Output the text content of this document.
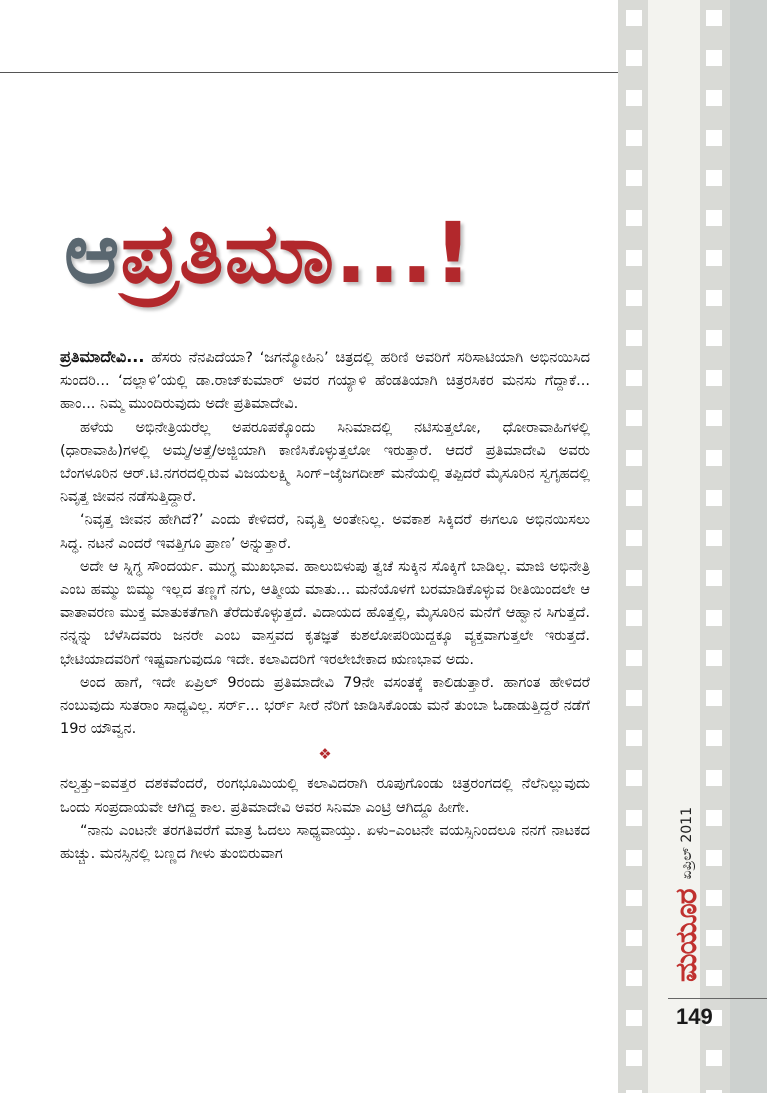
ಆಪ್ರತಿಮಾ...!

ಪ್ರತಿಮಾದೇವಿ... ಹೆಸರು ನೆನಪಿದೆಯಾ? ‘ಜಗನ್ಮೋಹಿನಿ’ ಚಿತ್ರದಲ್ಲಿ ಹರಿಣಿ ಅವರಿಗೆ ಸರಿಸಾಟಿಯಾಗಿ ಅಭಿನಯಿಸಿದ ಸುಂದರಿ... ‘ದಲ್ಲಾಳಿ’ಯಲ್ಲಿ ಡಾ.ರಾಜ್‌ಕುಮಾರ್ ಅವರ ಗಯ್ಯಾಳಿ ಹೆಂಡತಿಯಾಗಿ ಚಿತ್ರರಸಿಕರ ಮನಸು ಗೆದ್ದಾಕೆ... ಹಾಂ... ನಿಮ್ಮ ಮುಂದಿರುವುದು ಅದೇ ಪ್ರತಿಮಾದೇವಿ.

ಹಳೆಯ ಅಭಿನೇತ್ರಿಯರೆಲ್ಲ ಅಪರೂಪಕ್ಕೊಂದು ಸಿನಿಮಾದಲ್ಲಿ ನಟಿಸುತ್ತಲೋ, ಧೋರಾವಾಹಿಗಳಲ್ಲಿ (ಧಾರಾವಾಹಿ)ಗಳಲ್ಲಿ ಅಮ್ಮ/ಅತ್ತೆ/ಅಜ್ಜಿಯಾಗಿ ಕಾಣಿಸಿಕೊಳ್ಳುತ್ತಲೋ ಇರುತ್ತಾರೆ. ಆದರೆ ಪ್ರತಿಮಾದೇವಿ ಅವರು ಬೆಂಗಳೂರಿನ ಆರ್.ಟಿ.ನಗರದಲ್ಲಿರುವ ವಿಜಯಲಕ್ಷ್ಮಿ ಸಿಂಗ್–ಜೈಜಗದೀಶ್ ಮನೆಯಲ್ಲಿ ತಪ್ಪಿದರೆ ಮೈಸೂರಿನ ಸ್ವಗೃಹದಲ್ಲಿ ನಿವೃತ್ತ ಜೀವನ ನಡೆಸುತ್ತಿದ್ದಾರೆ.

‘ನಿವೃತ್ತ ಜೀವನ ಹೇಗಿದೆ?’ ಎಂದು ಕೇಳಿದರೆ, ನಿವೃತ್ತಿ ಅಂತೇನಿಲ್ಲ. ಅವಕಾಶ ಸಿಕ್ಕಿದರೆ ಈಗಲೂ ಅಭಿನಯಿಸಲು ಸಿದ್ಧ. ನಟನೆ ಎಂದರೆ ಇವತ್ತಿಗೂ ಪ್ರಾಣ’ ಅನ್ನುತ್ತಾರೆ.

ಅದೇ ಆ ಸ್ನಿಗ್ಧ ಸೌಂದರ್ಯ. ಮುಗ್ಧ ಮುಖಭಾವ. ಹಾಲುಬಿಳುಪು ತ್ವಚೆ ಸುಕ್ಕಿನ ಸೊಕ್ಕಿಗೆ ಬಾಡಿಲ್ಲ. ಮಾಜಿ ಅಭಿನೇತ್ರಿ ಎಂಬ ಹಮ್ಮು ಬಿಮ್ಮು ಇಲ್ಲದ ತಣ್ಣಗೆ ನಗು, ಆತ್ಮೀಯ ಮಾತು... ಮನೆಯೊಳಗೆ ಬರಮಾಡಿಕೊಳ್ಳುವ ರೀತಿಯಿಂದಲೇ ಆ ವಾತಾವರಣ ಮುಕ್ತ ಮಾತುಕತೆಗಾಗಿ ತೆರೆದುಕೊಳ್ಳುತ್ತದೆ. ವಿದಾಯದ ಹೊತ್ತಲ್ಲಿ, ಮೈಸೂರಿನ ಮನೆಗೆ ಆಹ್ವಾನ ಸಿಗುತ್ತದೆ. ನನ್ನನ್ನು ಬೆಳೆಸಿದವರು ಜನರೇ ಎಂಬ ವಾಸ್ತವದ ಕೃತಜ್ಞತೆ ಕುಶಲೋಪರಿಯಿದ್ದಕ್ಕೂ ವ್ಯಕ್ತವಾಗುತ್ತಲೇ ಇರುತ್ತದೆ. ಭೇಟಿಯಾದವರಿಗೆ ಇಷ್ಟವಾಗುವುದೂ ಇದೇ. ಕಲಾವಿದರಿಗೆ ಇರಲೇಬೇಕಾದ ಋಣಭಾವ ಅದು.

ಅಂದ ಹಾಗೆ, ಇದೇ ಏಪ್ರಿಲ್ 9ರಂದು ಪ್ರತಿಮಾದೇವಿ 79ನೇ ವಸಂತಕ್ಕೆ ಕಾಲಿಡುತ್ತಾರೆ. ಹಾಗಂತ ಹೇಳಿದರೆ ನಂಬುವುದು ಸುತರಾಂ ಸಾಧ್ಯವಿಲ್ಲ. ಸರ್ರ್... ಭರ್ರ್ ಸೀರೆ ನೆರಿಗೆ ಜಾಡಿಸಿಕೊಂಡು ಮನೆ ತುಂಬಾ ಓಡಾಡುತ್ತಿದ್ದರೆ ನಡೆಗೆ 19ರ ಯೌವ್ವನ.

❖

ನಲ್ವತ್ತು–ಐವತ್ತರ ದಶಕವೆಂದರೆ, ರಂಗಭೂಮಿಯಲ್ಲಿ ಕಲಾವಿದರಾಗಿ ರೂಪುಗೊಂಡು ಚಿತ್ರರಂಗದಲ್ಲಿ ನೆಲೆನಿಲ್ಲುವುದು ಒಂದು ಸಂಪ್ರದಾಯವೇ ಆಗಿದ್ದ ಕಾಲ. ಪ್ರತಿಮಾದೇವಿ ಅವರ ಸಿನಿಮಾ ಎಂಟ್ರಿ ಆಗಿದ್ದೂ ಹೀಗೇ.

“ನಾನು ಎಂಟನೇ ತರಗತಿವರೆಗೆ ಮಾತ್ರ ಓದಲು ಸಾಧ್ಯವಾಯ್ತು. ಏಳು–ಎಂಟನೇ ವಯಸ್ಸಿನಿಂದಲೂ ನನಗೆ ನಾಟಕದ ಹುಚ್ಚು. ಮನಸ್ಸಿನಲ್ಲಿ ಬಣ್ಣದ ಗೀಳು ತುಂಬಿರುವಾಗ

ಮಯೂರ
ಏಪ್ರಿಲ್ 2011
149
